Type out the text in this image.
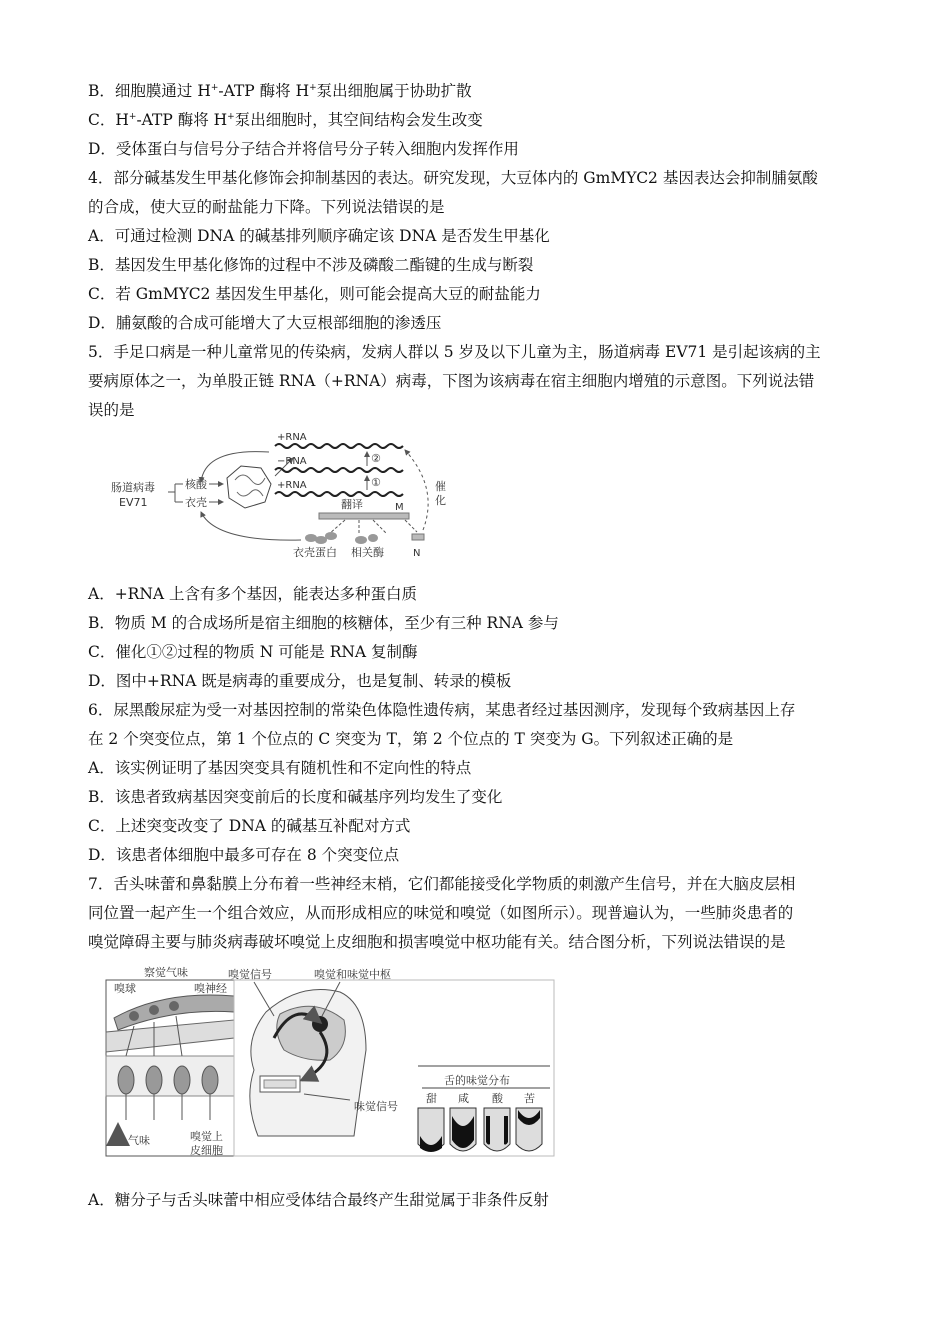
B．细胞膜通过 H+-ATP 酶将 H+泵出细胞属于协助扩散
C．H+-ATP 酶将 H+泵出细胞时，其空间结构会发生改变
D．受体蛋白与信号分子结合并将信号分子转入细胞内发挥作用
4．部分碱基发生甲基化修饰会抑制基因的表达。研究发现，大豆体内的 GmMYC2 基因表达会抑制脯氨酸
的合成，使大豆的耐盐能力下降。下列说法错误的是
A．可通过检测 DNA 的碱基排列顺序确定该 DNA 是否发生甲基化
B．基因发生甲基化修饰的过程中不涉及磷酸二酯键的生成与断裂
C．若 GmMYC2 基因发生甲基化，则可能会提高大豆的耐盐能力
D．脯氨酸的合成可能增大了大豆根部细胞的渗透压
5．手足口病是一种儿童常见的传染病，发病人群以 5 岁及以下儿童为主，肠道病毒 EV71 是引起该病的主
要病原体之一，为单股正链 RNA（+RNA）病毒，下图为该病毒在宿主细胞内增殖的示意图。下列说法错
误的是
肠道病毒
EV71
核酸
衣壳
+RNA
−RNA	②
+RNA	①
翻译	M
衣壳蛋白 相关酶	N
催
化
A．+RNA 上含有多个基因，能表达多种蛋白质
B．物质 M 的合成场所是宿主细胞的核糖体，至少有三种 RNA 参与
C．催化①②过程的物质 N 可能是 RNA 复制酶
D．图中+RNA 既是病毒的重要成分，也是复制、转录的模板
6．尿黑酸尿症为受一对基因控制的常染色体隐性遗传病，某患者经过基因测序，发现每个致病基因上存
在 2 个突变位点，第 1 个位点的 C 突变为 T，第 2 个位点的 T 突变为 G。下列叙述正确的是
A．该实例证明了基因突变具有随机性和不定向性的特点
B．该患者致病基因突变前后的长度和碱基序列均发生了变化
C．上述突变改变了 DNA 的碱基互补配对方式
D．该患者体细胞中最多可存在 8 个突变位点
7．舌头味蕾和鼻黏膜上分布着一些神经末梢，它们都能接受化学物质的刺激产生信号，并在大脑皮层相
同位置一起产生一个组合效应，从而形成相应的味觉和嗅觉（如图所示）。现普遍认为，一些肺炎患者的
嗅觉障碍主要与肺炎病毒破坏嗅觉上皮细胞和损害嗅觉中枢功能有关。结合图分析，下列说法错误的是
察觉气味
嗅球	嗅神经
气味	嗅觉上
皮细胞
嗅觉信号	嗅觉和味觉中枢
味觉信号
舌的味觉分布
甜 咸 酸 苦
A．糖分子与舌头味蕾中相应受体结合最终产生甜觉属于非条件反射
